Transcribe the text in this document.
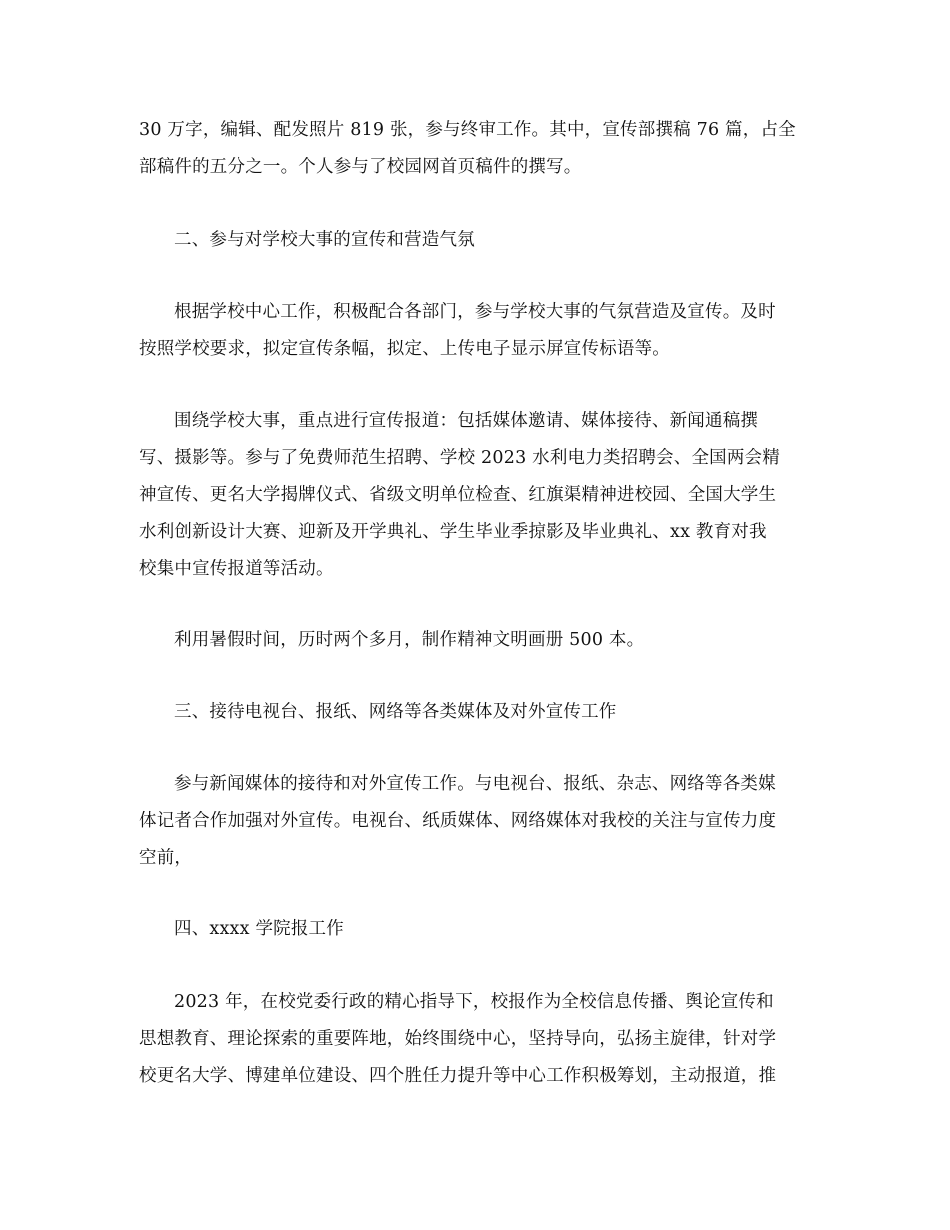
30 万字，编辑、配发照片 819 张，参与终审工作。其中，宣传部撰稿 76 篇，占全
部稿件的五分之一。个人参与了校园网首页稿件的撰写。
二、参与对学校大事的宣传和营造气氛
根据学校中心工作，积极配合各部门，参与学校大事的气氛营造及宣传。及时
按照学校要求，拟定宣传条幅，拟定、上传电子显示屏宣传标语等。
围绕学校大事，重点进行宣传报道：包括媒体邀请、媒体接待、新闻通稿撰
写、摄影等。参与了免费师范生招聘、学校 2023 水利电力类招聘会、全国两会精
神宣传、更名大学揭牌仪式、省级文明单位检查、红旗渠精神进校园、全国大学生
水利创新设计大赛、迎新及开学典礼、学生毕业季掠影及毕业典礼、xx 教育对我
校集中宣传报道等活动。
利用暑假时间，历时两个多月，制作精神文明画册 500 本。
三、接待电视台、报纸、网络等各类媒体及对外宣传工作
参与新闻媒体的接待和对外宣传工作。与电视台、报纸、杂志、网络等各类媒
体记者合作加强对外宣传。电视台、纸质媒体、网络媒体对我校的关注与宣传力度
空前，
四、xxxx 学院报工作
2023 年，在校党委行政的精心指导下，校报作为全校信息传播、舆论宣传和
思想教育、理论探索的重要阵地，始终围绕中心，坚持导向，弘扬主旋律，针对学
校更名大学、博建单位建设、四个胜任力提升等中心工作积极筹划，主动报道，推
